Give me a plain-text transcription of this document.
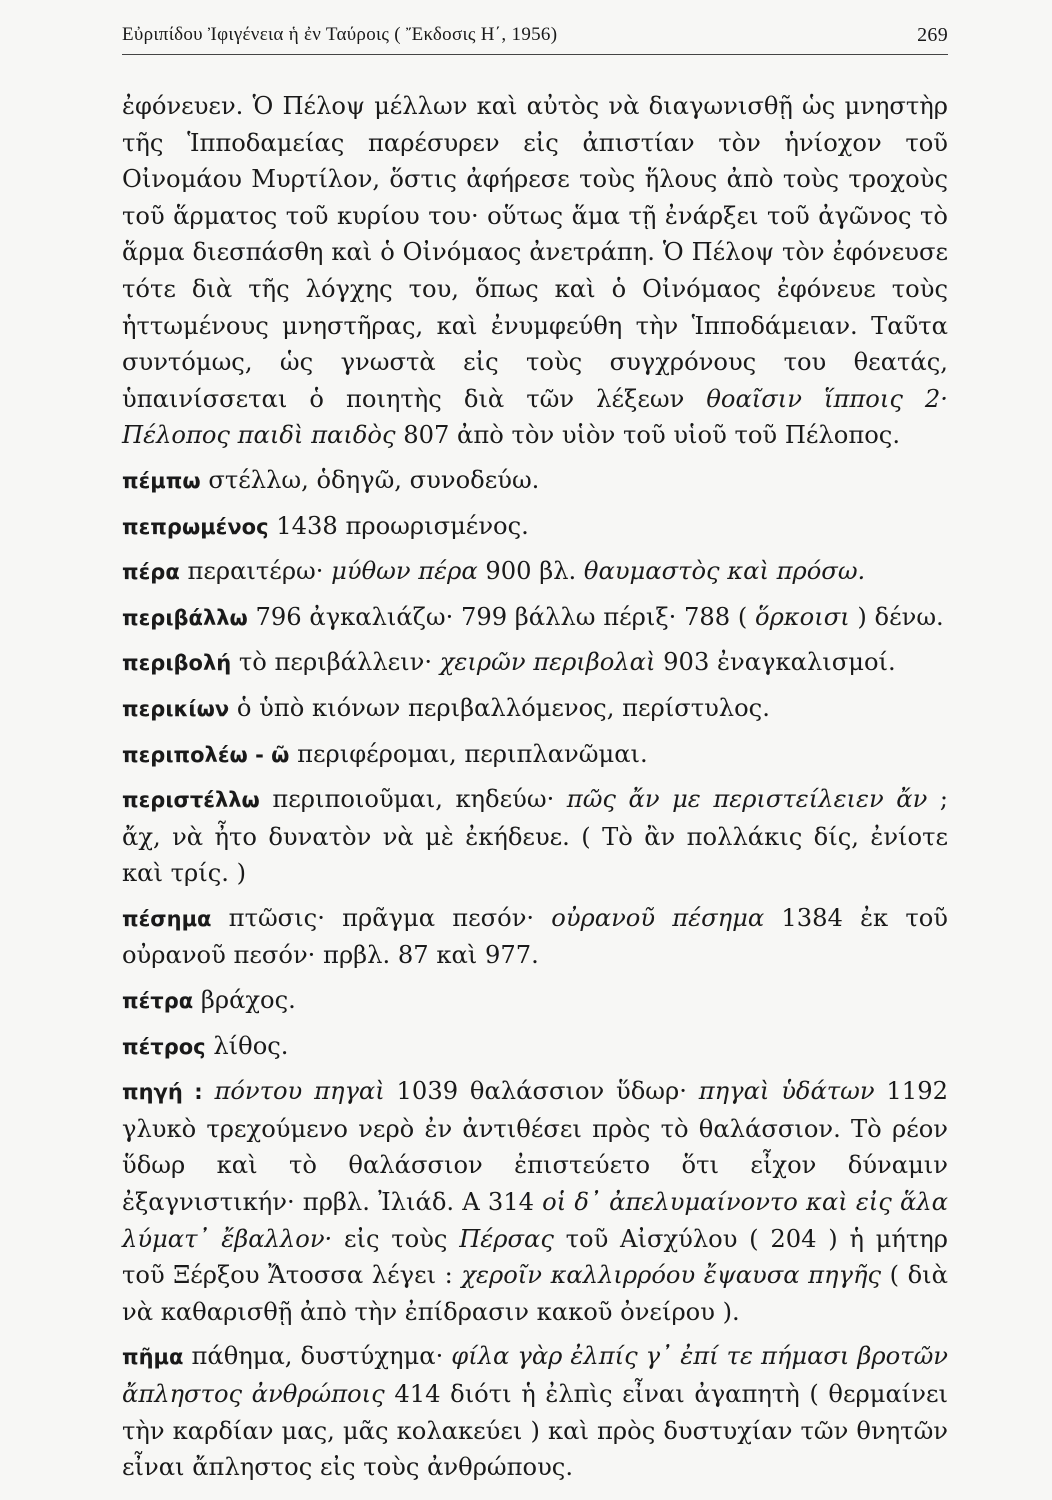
Εὐριπίδου Ἰφιγένεια ἡ ἐν Ταύροις ( Ἔκδοσις Η΄, 1956)	269

ἐφόνευεν. Ὁ Πέλοψ μέλλων καὶ αὐτὸς νὰ διαγωνισθῇ ὡς μνηστὴρ τῆς Ἱπποδαμείας παρέσυρεν εἰς ἀπιστίαν τὸν ἡνίοχον τοῦ Οἰνομάου Μυρτίλον, ὅστις ἀφήρεσε τοὺς ἥλους ἀπὸ τοὺς τροχοὺς τοῦ ἅρματος τοῦ κυρίου του· οὕτως ἅμα τῇ ἐνάρξει τοῦ ἀγῶνος τὸ ἅρμα διεσπάσθη καὶ ὁ Οἰνόμαος ἀνετράπη. Ὁ Πέλοψ τὸν ἐφόνευσε τότε διὰ τῆς λόγχης του, ὅπως καὶ ὁ Οἰνόμαος ἐφόνευε τοὺς ἡττωμένους μνηστῆρας, καὶ ἐνυμφεύθη τὴν Ἱπποδάμειαν. Ταῦτα συντόμως, ὡς γνωστὰ εἰς τοὺς συγχρόνους του θεατάς, ὑπαινίσσεται ὁ ποιητὴς διὰ τῶν λέξεων θοαῖσιν ἵπποις 2· Πέλοπος παιδὶ παιδὸς 807 ἀπὸ τὸν υἱὸν τοῦ υἱοῦ τοῦ Πέλοπος.

πέμπω στέλλω, ὁδηγῶ, συνοδεύω.

πεπρωμένος 1438 προωρισμένος.

πέρα περαιτέρω· μύθων πέρα 900 βλ. θαυμαστὸς καὶ πρόσω.

περιβάλλω 796 ἀγκαλιάζω· 799 βάλλω πέριξ· 788 ( ὅρκοισι ) δένω.

περιβολή τὸ περιβάλλειν· χειρῶν περιβολαὶ 903 ἐναγκαλισμοί.

περικίων ὁ ὑπὸ κιόνων περιβαλλόμενος, περίστυλος.

περιπολέω - ῶ περιφέρομαι, περιπλανῶμαι.

περιστέλλω περιποιοῦμαι, κηδεύω· πῶς ἄν με περιστείλειεν ἄν ; ἄχ, νὰ ἦτο δυνατὸν νὰ μὲ ἐκήδευε. ( Τὸ ἂν πολλάκις δίς, ἐνίοτε καὶ τρίς. )

πέσημα πτῶσις· πρᾶγμα πεσόν· οὐρανοῦ πέσημα 1384 ἐκ τοῦ οὐρανοῦ πεσόν· πρβλ. 87 καὶ 977.

πέτρα βράχος.

πέτρος λίθος.

πηγή : πόντου πηγαὶ 1039 θαλάσσιον ὕδωρ· πηγαὶ ὑδάτων 1192 γλυκὸ τρεχούμενο νερὸ ἐν ἀντιθέσει πρὸς τὸ θαλάσσιον. Τὸ ρέον ὕδωρ καὶ τὸ θαλάσσιον ἐπιστεύετο ὅτι εἶχον δύναμιν ἐξαγνιστικήν· πρβλ. Ἰλιάδ. Α 314 οἱ δ᾽ ἀπελυμαίνοντο καὶ εἰς ἅλα λύματ᾽ ἔβαλλον· εἰς τοὺς Πέρσας τοῦ Αἰσχύλου ( 204 ) ἡ μήτηρ τοῦ Ξέρξου Ἄτοσσα λέγει : χεροῖν καλλιρρόου ἔψαυσα πηγῆς ( διὰ νὰ καθαρισθῇ ἀπὸ τὴν ἐπίδρασιν κακοῦ ὀνείρου ).

πῆμα πάθημα, δυστύχημα· φίλα γὰρ ἐλπίς γ᾽ ἐπί τε πήμασι βροτῶν ἄπληστος ἀνθρώποις 414 διότι ἡ ἐλπὶς εἶναι ἀγαπητὴ ( θερμαίνει τὴν καρδίαν μας, μᾶς κολακεύει ) καὶ πρὸς δυστυχίαν τῶν θνητῶν εἶναι ἄπληστος εἰς τοὺς ἀνθρώπους.
